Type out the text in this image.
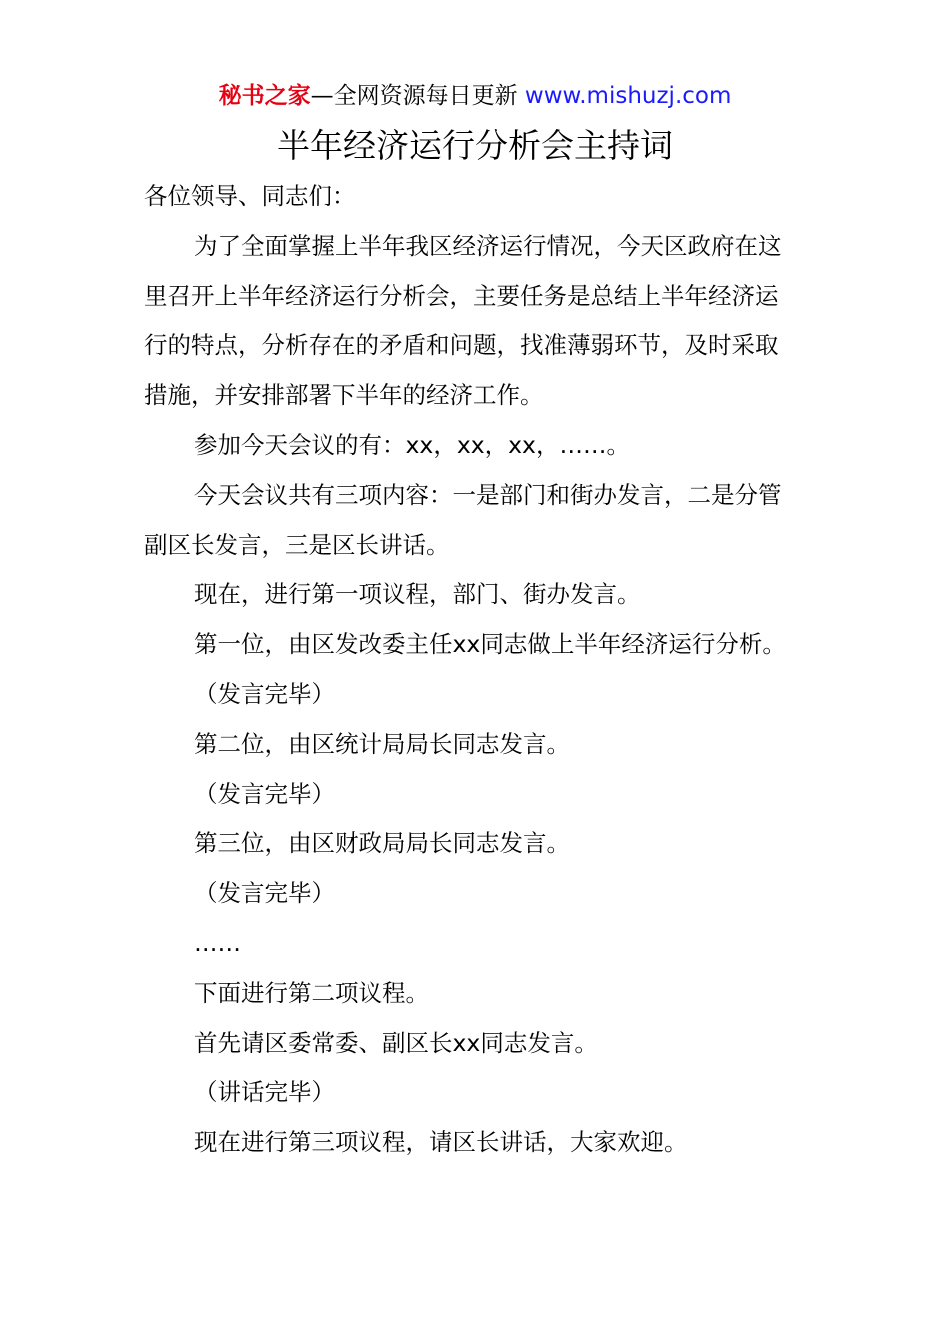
秘书之家—全网资源每日更新 www.mishuzj.com
半年经济运行分析会主持词

各位领导、同志们：

为了全面掌握上半年我区经济运行情况，今天区政府在这里召开上半年经济运行分析会，主要任务是总结上半年经济运行的特点，分析存在的矛盾和问题，找准薄弱环节，及时采取措施，并安排部署下半年的经济工作。

参加今天会议的有：xx，xx，xx，……。

今天会议共有三项内容：一是部门和街办发言，二是分管副区长发言，三是区长讲话。

现在，进行第一项议程，部门、街办发言。

第一位，由区发改委主任xx同志做上半年经济运行分析。

（发言完毕）

第二位，由区统计局局长同志发言。

（发言完毕）

第三位，由区财政局局长同志发言。

（发言完毕）

……

下面进行第二项议程。

首先请区委常委、副区长xx同志发言。

（讲话完毕）

现在进行第三项议程，请区长讲话，大家欢迎。
